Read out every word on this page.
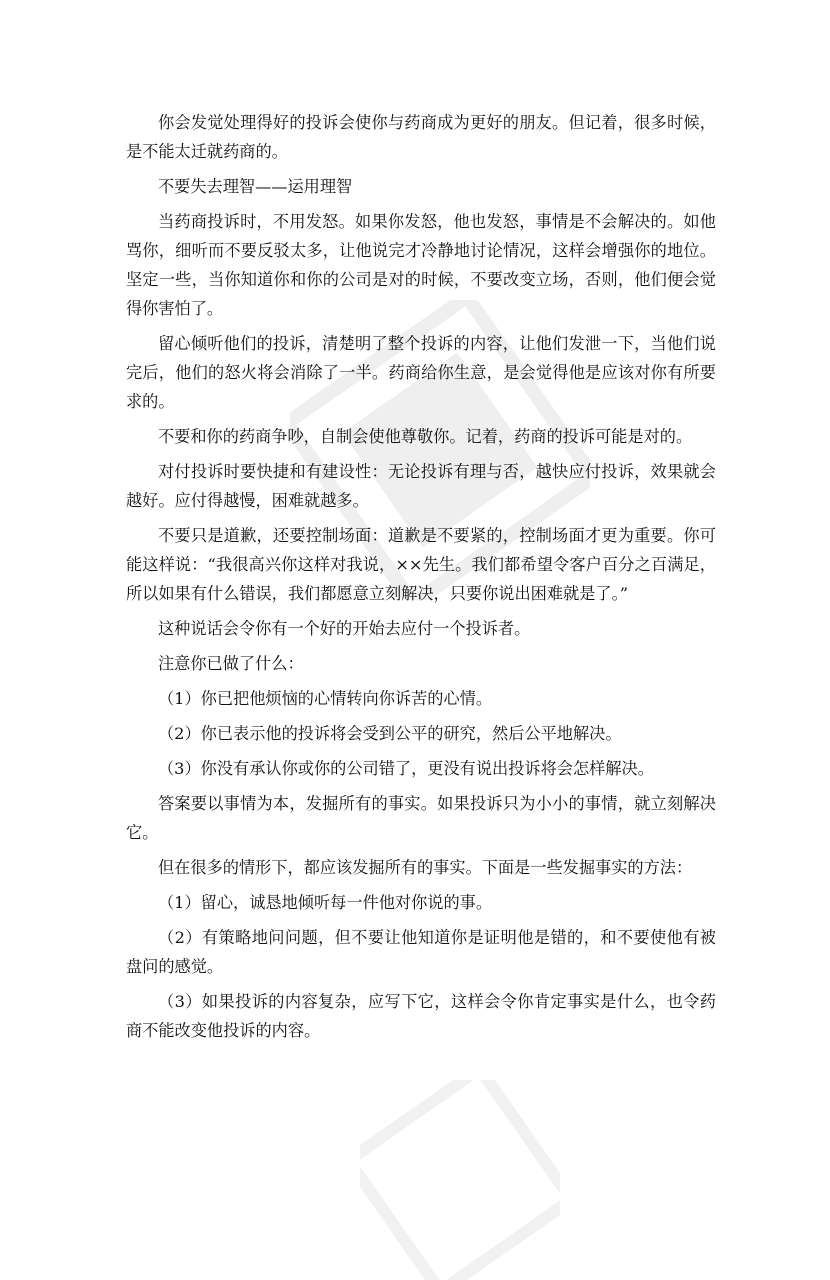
你会发觉处理得好的投诉会使你与药商成为更好的朋友。但记着，很多时候，是不能太迁就药商的。

不要失去理智——运用理智

当药商投诉时，不用发怒。如果你发怒，他也发怒，事情是不会解决的。如他骂你，细听而不要反驳太多，让他说完才冷静地讨论情况，这样会增强你的地位。坚定一些，当你知道你和你的公司是对的时候，不要改变立场，否则，他们便会觉得你害怕了。

留心倾听他们的投诉，清楚明了整个投诉的内容，让他们发泄一下，当他们说完后，他们的怒火将会消除了一半。药商给你生意，是会觉得他是应该对你有所要求的。

不要和你的药商争吵，自制会使他尊敬你。记着，药商的投诉可能是对的。

对付投诉时要快捷和有建设性：无论投诉有理与否，越快应付投诉，效果就会越好。应付得越慢，困难就越多。

不要只是道歉，还要控制场面：道歉是不要紧的，控制场面才更为重要。你可能这样说：“我很高兴你这样对我说，××先生。我们都希望令客户百分之百满足，所以如果有什么错误，我们都愿意立刻解决，只要你说出困难就是了。”

这种说话会令你有一个好的开始去应付一个投诉者。

注意你已做了什么：

（1）你已把他烦恼的心情转向你诉苦的心情。

（2）你已表示他的投诉将会受到公平的研究，然后公平地解决。

（3）你没有承认你或你的公司错了，更没有说出投诉将会怎样解决。

答案要以事情为本，发掘所有的事实。如果投诉只为小小的事情，就立刻解决它。

但在很多的情形下，都应该发掘所有的事实。下面是一些发掘事实的方法：

（1）留心，诚恳地倾听每一件他对你说的事。

（2）有策略地问问题，但不要让他知道你是证明他是错的，和不要使他有被盘问的感觉。

（3）如果投诉的内容复杂，应写下它，这样会令你肯定事实是什么，也令药商不能改变他投诉的内容。
